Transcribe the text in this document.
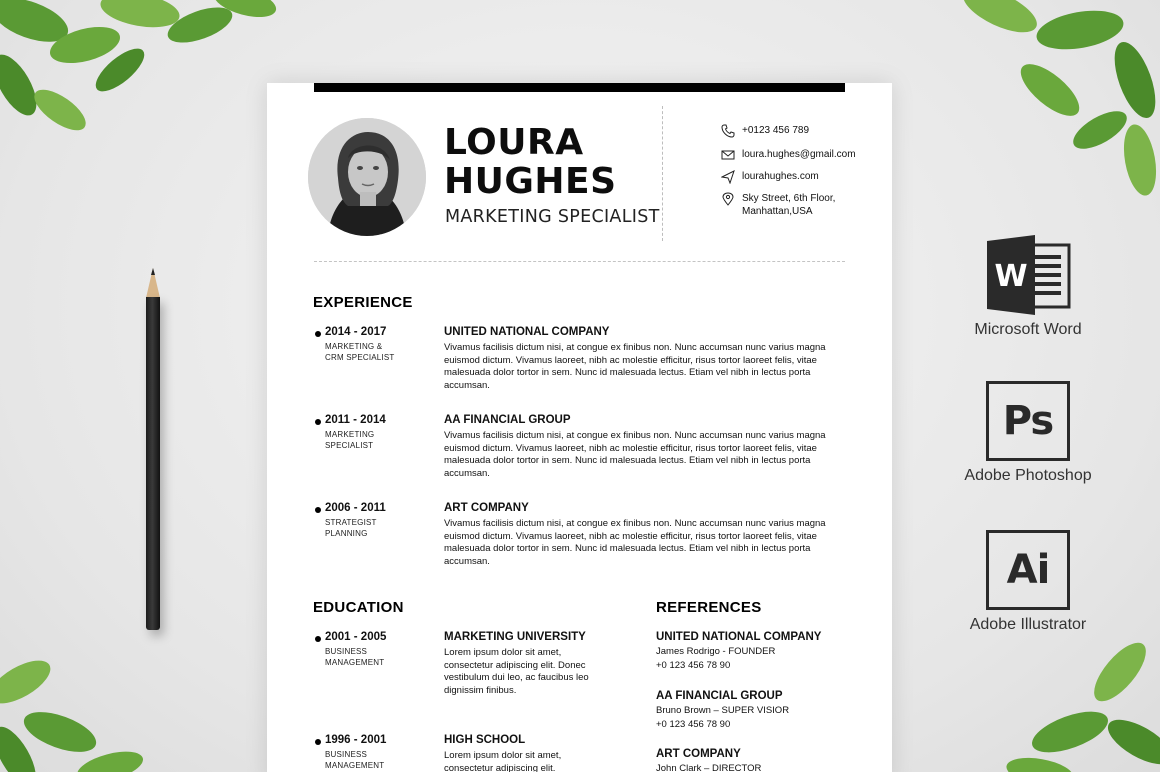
LOURA
HUGHES
MARKETING SPECIALIST
+0123 456 789
loura.hughes@gmail.com
lourahughes.com
Sky Street, 6th Floor,
Manhattan,USA
EXPERIENCE
2014 - 2017
MARKETING &
CRM SPECIALIST
UNITED NATIONAL COMPANY
Vivamus facilisis dictum nisi, at congue ex finibus non. Nunc accumsan nunc varius magna euismod dictum. Vivamus laoreet, nibh ac molestie efficitur, risus tortor laoreet felis, vitae malesuada dolor tortor in sem. Nunc id malesuada lectus. Etiam vel nibh in lectus porta accumsan.
2011 - 2014
MARKETING
SPECIALIST
AA FINANCIAL GROUP
Vivamus facilisis dictum nisi, at congue ex finibus non. Nunc accumsan nunc varius magna euismod dictum. Vivamus laoreet, nibh ac molestie efficitur, risus tortor laoreet felis, vitae malesuada dolor tortor in sem. Nunc id malesuada lectus. Etiam vel nibh in lectus porta accumsan.
2006 - 2011
STRATEGIST
PLANNING
ART COMPANY
Vivamus facilisis dictum nisi, at congue ex finibus non. Nunc accumsan nunc varius magna euismod dictum. Vivamus laoreet, nibh ac molestie efficitur, risus tortor laoreet felis, vitae malesuada dolor tortor in sem. Nunc id malesuada lectus. Etiam vel nibh in lectus porta accumsan.
EDUCATION
2001 - 2005
BUSINESS
MANAGEMENT
MARKETING UNIVERSITY
Lorem ipsum dolor sit amet, consectetur adipiscing elit. Donec vestibulum dui leo, ac faucibus leo dignissim finibus.
1996 - 2001
BUSINESS
MANAGEMENT
HIGH SCHOOL
Lorem ipsum dolor sit amet, consectetur adipiscing elit.
REFERENCES
UNITED NATIONAL COMPANY
James Rodrigo - FOUNDER
+0 123 456 78 90
AA FINANCIAL GROUP
Bruno Brown – SUPER VISIOR
+0 123 456 78 90
ART COMPANY
John Clark – DIRECTOR
W
Microsoft Word
Ps
Adobe Photoshop
Ai
Adobe Illustrator
